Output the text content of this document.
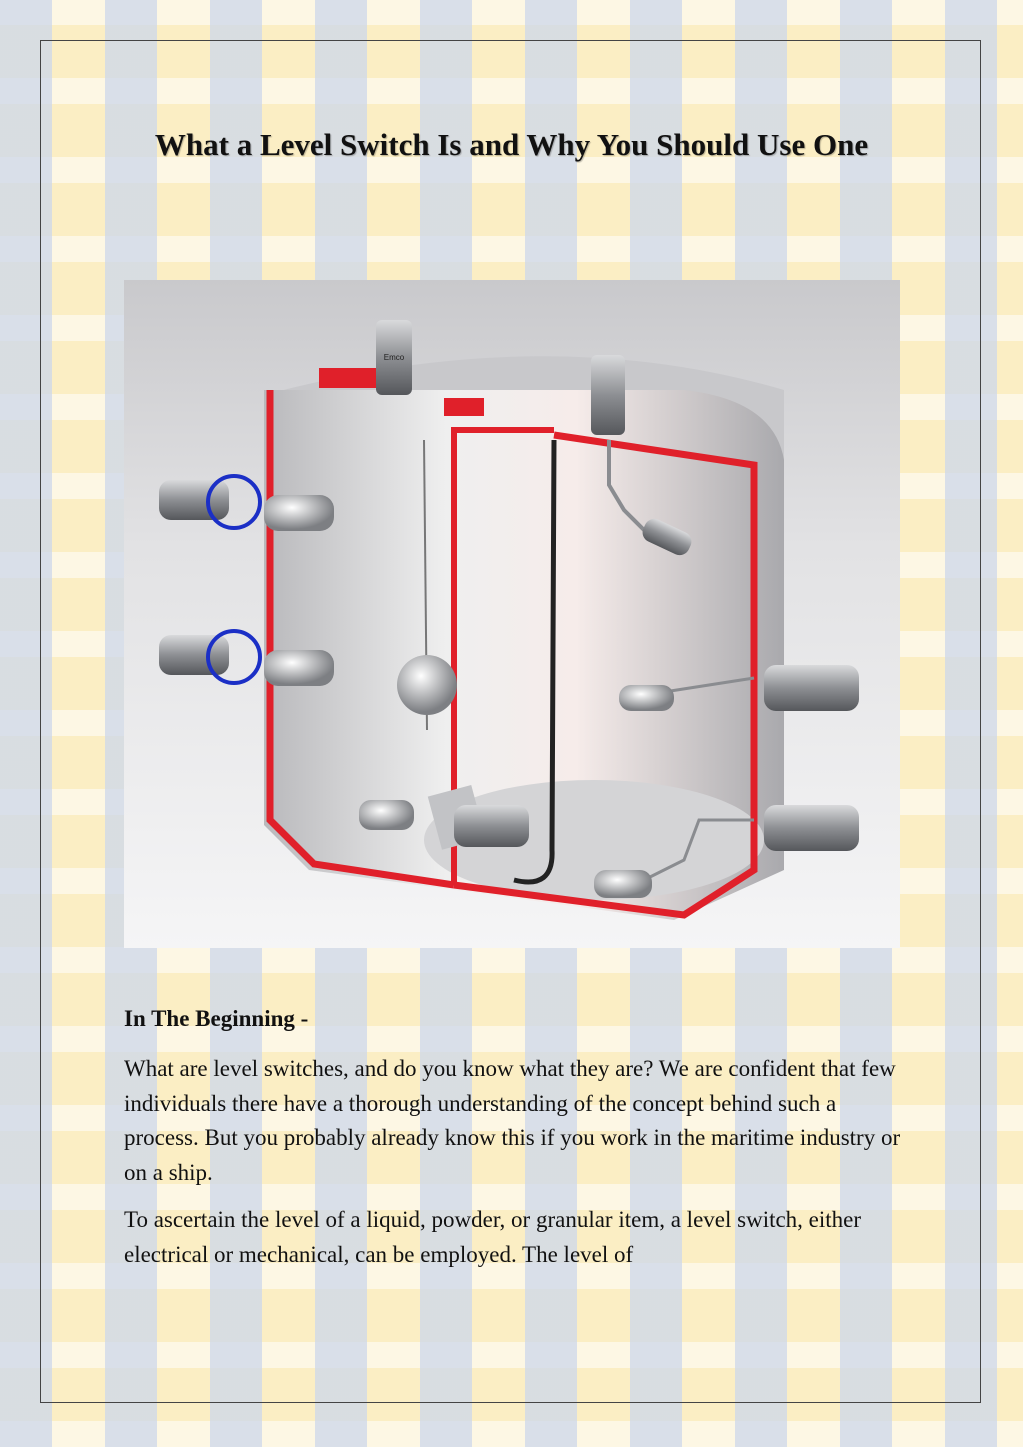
What a Level Switch Is and Why You Should Use One
Emco
In The Beginning -

What are level switches, and do you know what they are? We are confident that few individuals there have a thorough understanding of the concept behind such a process. But you probably already know this if you work in the maritime industry or on a ship.

To ascertain the level of a liquid, powder, or granular item, a level switch, either electrical or mechanical, can be employed. The level of
